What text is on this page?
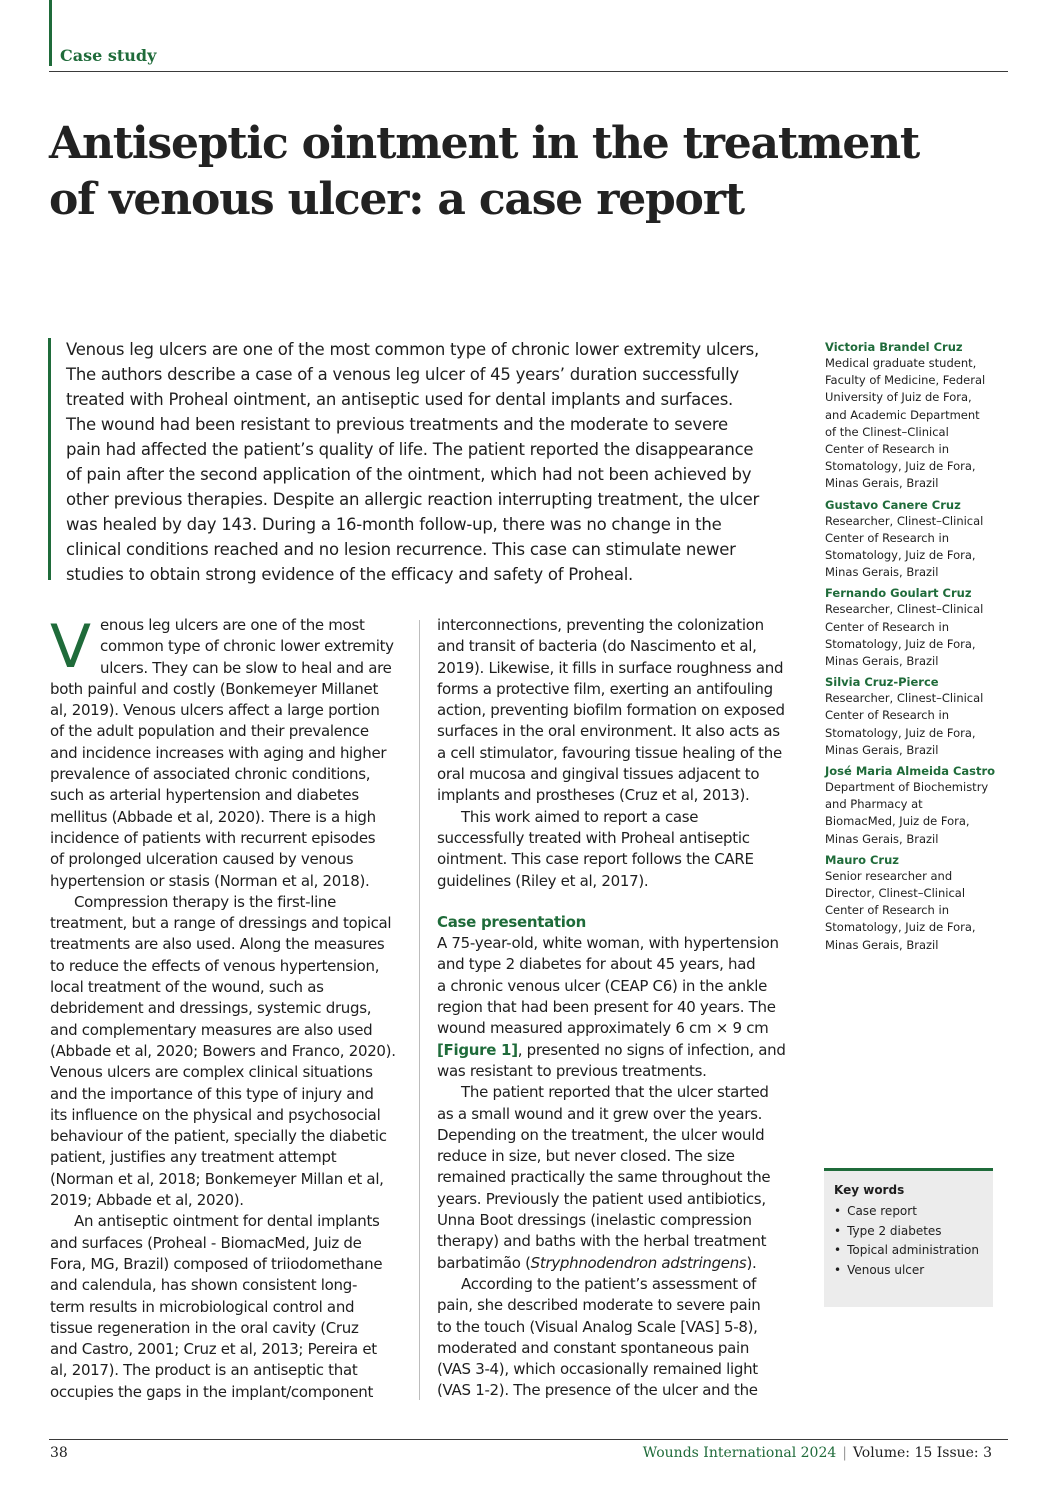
Case study
Antiseptic ointment in the treatment
of venous ulcer: a case report
Venous leg ulcers are one of the most common type of chronic lower extremity ulcers,
The authors describe a case of a venous leg ulcer of 45 years’ duration successfully
treated with Proheal ointment, an antiseptic used for dental implants and surfaces.
The wound had been resistant to previous treatments and the moderate to severe
pain had affected the patient’s quality of life. The patient reported the disappearance
of pain after the second application of the ointment, which had not been achieved by
other previous therapies. Despite an allergic reaction interrupting treatment, the ulcer
was healed by day 143. During a 16-month follow-up, there was no change in the
clinical conditions reached and no lesion recurrence. This case can stimulate newer
studies to obtain strong evidence of the efficacy and safety of Proheal.
Victoria Brandel Cruz
Medical graduate student,
Faculty of Medicine, Federal
University of Juiz de Fora,
and Academic Department
of the Clinest–Clinical
Center of Research in
Stomatology, Juiz de Fora,
Minas Gerais, Brazil
Gustavo Canere Cruz
Researcher, Clinest–Clinical
Center of Research in
Stomatology, Juiz de Fora,
Minas Gerais, Brazil
Fernando Goulart Cruz
Researcher, Clinest–Clinical
Center of Research in
Stomatology, Juiz de Fora,
Minas Gerais, Brazil
Silvia Cruz-Pierce
Researcher, Clinest–Clinical
Center of Research in
Stomatology, Juiz de Fora,
Minas Gerais, Brazil
José Maria Almeida Castro
Department of Biochemistry
and Pharmacy at
BiomacMed, Juiz de Fora,
Minas Gerais, Brazil
Mauro Cruz
Senior researcher and
Director, Clinest–Clinical
Center of Research in
Stomatology, Juiz de Fora,
Minas Gerais, Brazil
V enous leg ulcers are one of the most
common type of chronic lower extremity
ulcers. They can be slow to heal and are
both painful and costly (Bonkemeyer Millanet
al, 2019). Venous ulcers affect a large portion
of the adult population and their prevalence
and incidence increases with aging and higher
prevalence of associated chronic conditions,
such as arterial hypertension and diabetes
mellitus (Abbade et al, 2020). There is a high
incidence of patients with recurrent episodes
of prolonged ulceration caused by venous
hypertension or stasis (Norman et al, 2018).
Compression therapy is the first-line
treatment, but a range of dressings and topical
treatments are also used. Along the measures
to reduce the effects of venous hypertension,
local treatment of the wound, such as
debridement and dressings, systemic drugs,
and complementary measures are also used
(Abbade et al, 2020; Bowers and Franco, 2020).
Venous ulcers are complex clinical situations
and the importance of this type of injury and
its influence on the physical and psychosocial
behaviour of the patient, specially the diabetic
patient, justifies any treatment attempt
(Norman et al, 2018; Bonkemeyer Millan et al,
2019; Abbade et al, 2020).
An antiseptic ointment for dental implants
and surfaces (Proheal - BiomacMed, Juiz de
Fora, MG, Brazil) composed of triiodomethane
and calendula, has shown consistent long-
term results in microbiological control and
tissue regeneration in the oral cavity (Cruz
and Castro, 2001; Cruz et al, 2013; Pereira et
al, 2017). The product is an antiseptic that
occupies the gaps in the implant/component
interconnections, preventing the colonization
and transit of bacteria (do Nascimento et al,
2019). Likewise, it fills in surface roughness and
forms a protective film, exerting an antifouling
action, preventing biofilm formation on exposed
surfaces in the oral environment. It also acts as
a cell stimulator, favouring tissue healing of the
oral mucosa and gingival tissues adjacent to
implants and prostheses (Cruz et al, 2013).
This work aimed to report a case
successfully treated with Proheal antiseptic
ointment. This case report follows the CARE
guidelines (Riley et al, 2017).
Case presentation
A 75-year-old, white woman, with hypertension
and type 2 diabetes for about 45 years, had
a chronic venous ulcer (CEAP C6) in the ankle
region that had been present for 40 years. The
wound measured approximately 6 cm × 9 cm
[Figure 1], presented no signs of infection, and
was resistant to previous treatments.
The patient reported that the ulcer started
as a small wound and it grew over the years.
Depending on the treatment, the ulcer would
reduce in size, but never closed. The size
remained practically the same throughout the
years. Previously the patient used antibiotics,
Unna Boot dressings (inelastic compression
therapy) and baths with the herbal treatment
barbatimão (Stryphnodendron adstringens).
According to the patient’s assessment of
pain, she described moderate to severe pain
to the touch (Visual Analog Scale [VAS] 5-8),
moderated and constant spontaneous pain
(VAS 3-4), which occasionally remained light
(VAS 1-2). The presence of the ulcer and the
Key words
• Case report
• Type 2 diabetes
• Topical administration
• Venous ulcer
38	Wounds International 2024 | Volume: 15 Issue: 3
